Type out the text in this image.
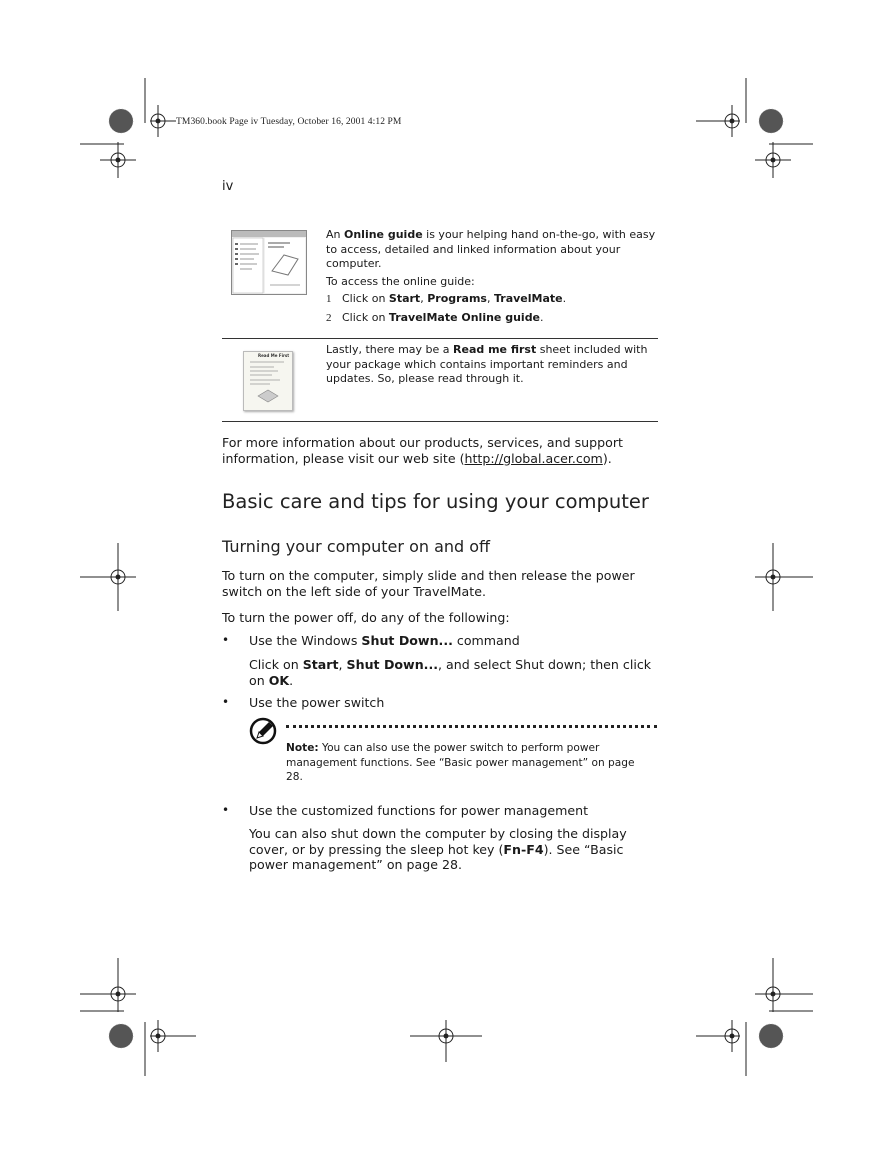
TM360.book Page iv Tuesday, October 16, 2001 4:12 PM
iv
An Online guide is your helping hand on-the-go, with easy to access, detailed and linked information about your computer.
To access the online guide:
1 Click on Start, Programs, TravelMate.
2 Click on TravelMate Online guide.
Read Me First	Lastly, there may be a Read me first sheet included with your package which contains important reminders and updates. So, please read through it.
For more information about our products, services, and support information, please visit our web site (http://global.acer.com).
Basic care and tips for using your computer
Turning your computer on and off
To turn on the computer, simply slide and then release the power switch on the left side of your TravelMate.
To turn the power off, do any of the following:
• Use the Windows Shut Down... command
Click on Start, Shut Down..., and select Shut down; then click on OK.
• Use the power switch
Note: You can also use the power switch to perform power management functions. See “Basic power management” on page 28.
• Use the customized functions for power management
You can also shut down the computer by closing the display cover, or by pressing the sleep hot key (Fn-F4). See “Basic power management” on page 28.
